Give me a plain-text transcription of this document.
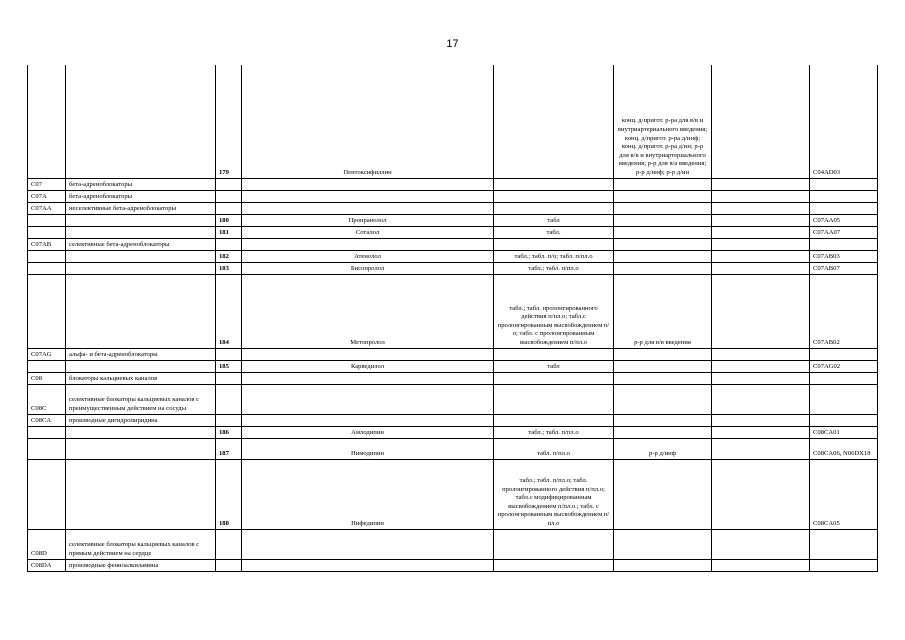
17
		179	Пентоксифиллин		конц. д/пригот. р-ра для в/в и внутриартериального введения; конц. д/пригот. р-ра д/инф; конц. д/пригот. р-ра д/ин; р-р для в/в и внутриартериального введения; р-р для в/а введения; р-р д/инф; р-р д/ин		C04AD03
C07	бета-адреноблокаторы						
C07A	бета-адреноблокаторы						
C07AA	неселективные бета-адреноблокаторы						
		180	Пропранолол	табл			C07AA05
		181	Соталол	табл.			C07AA07
C07AB	селективные бета-адреноблокаторы						
		182	Атенолол	табл.; табл. п/о; табл. п/пл.о			C07AB03
		183	Бисопролол	табл.; табл. п/пл.о			C07AB07
		184	Метопролол	табл.; табл. пролонгированного действия п/пл.о; табл.с пролонгированным высвобождением п/о; табл. с пролонгированным высвобождением п/пл.о	р-р для в/в введения		C07AB02
C07AG	альфа- и бета-адреноблокаторы						
		185	Карведилол	табл			C07AG02
C08	блокаторы кальциевых каналов						
C08C	селективные блокаторы кальциевых каналов с преимущественным действием на сосуды						
C08CA	производные дигидропиридина						
		186	Амлодипин	табл.; табл. п/пл.о			C08CA01
		187	Нимодипин	табл. п/пл.о	р-р д/инф		C08CA06, N06DX18
		188	Нифедипин	табл.; табл. п/пл.о; табл. пролонгированного действия п/пл.о; табл.с модифицированным высвобождением п/пл.о.; табл. с пролонгированным высвобождением п/пл.о			C08CA05
C08D	селективные блокаторы кальциевых каналов с прямым действием на сердце						
C08DA	производные фенилалкиламина						
